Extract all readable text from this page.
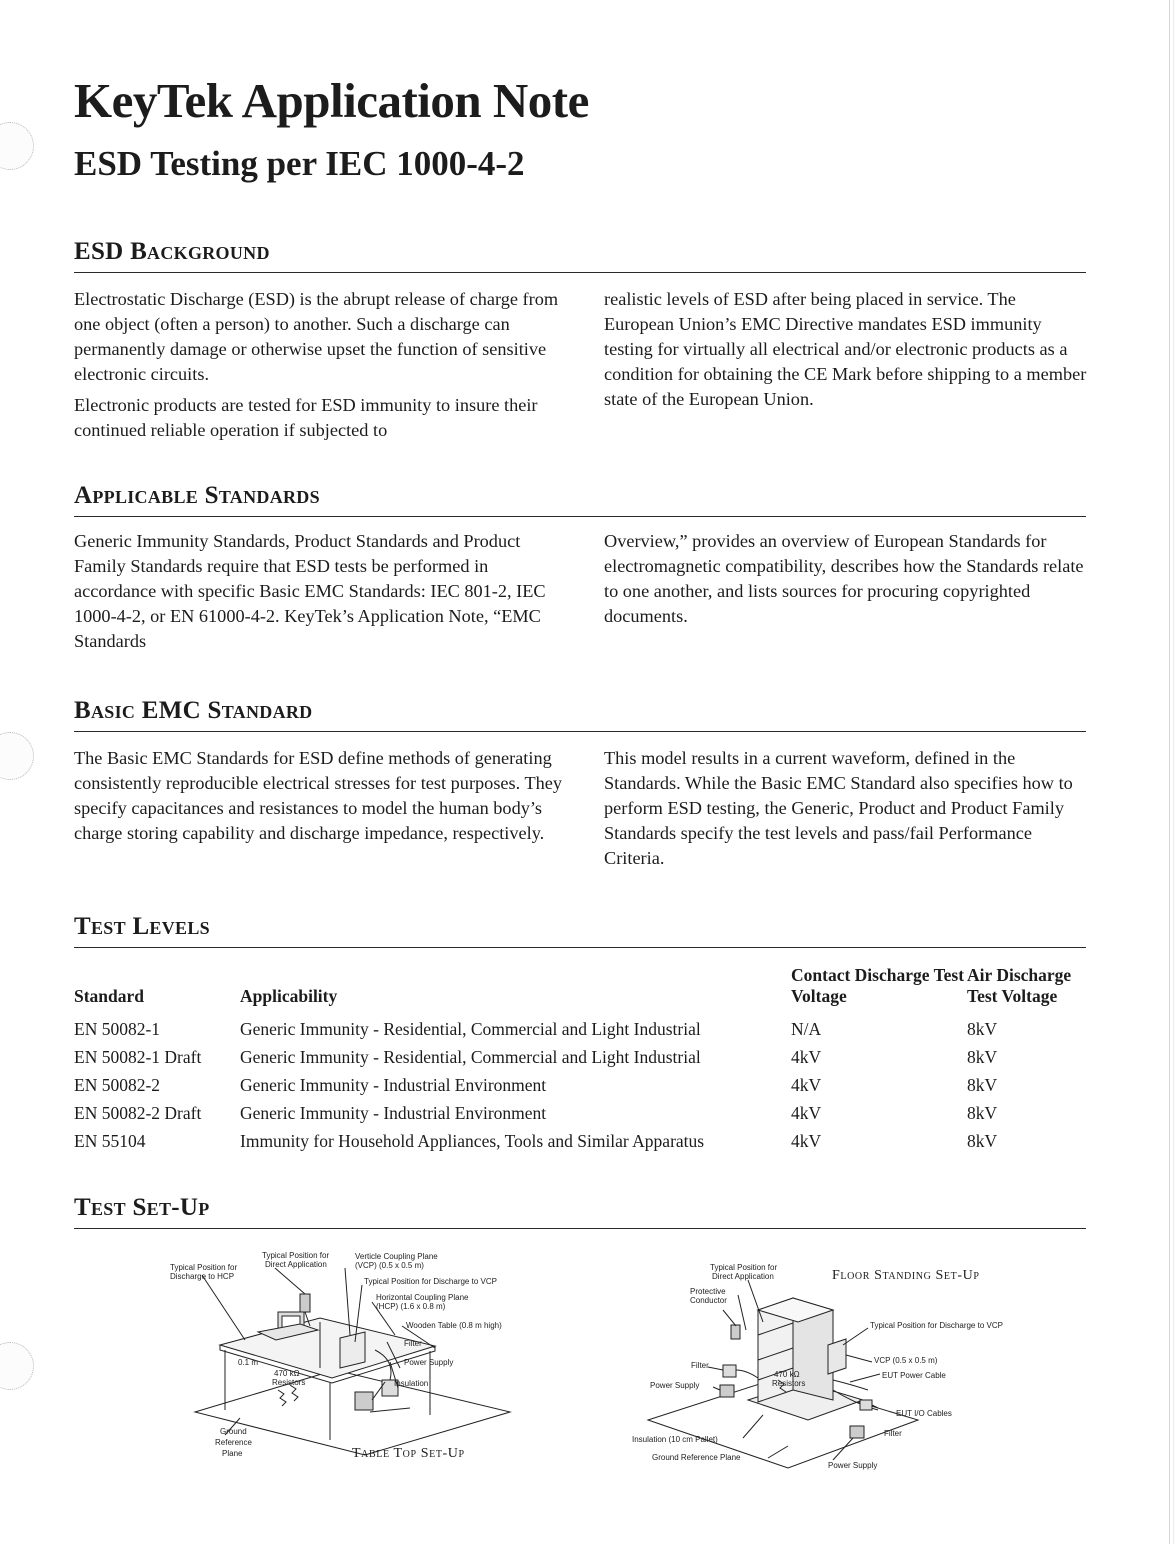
KeyTek Application Note
ESD Testing per IEC 1000-4-2
ESD Background

Electrostatic Discharge (ESD) is the abrupt release of charge from one object (often a person) to another. Such a discharge can permanently damage or otherwise upset the function of sensitive electronic circuits.

Electronic products are tested for ESD immunity to insure their continued reliable operation if subjected to

realistic levels of ESD after being placed in service. The European Union’s EMC Directive mandates ESD immunity testing for virtually all electrical and/or electronic products as a condition for obtaining the CE Mark before shipping to a member state of the European Union.

Applicable Standards

Generic Immunity Standards, Product Standards and Product Family Standards require that ESD tests be performed in accordance with specific Basic EMC Standards: IEC 801-2, IEC 1000-4-2, or EN 61000-4-2. KeyTek’s Application Note, “EMC Standards

Overview,” provides an overview of European Standards for electromagnetic compatibility, describes how the Standards relate to one another, and lists sources for procuring copyrighted documents.

Basic EMC Standard

The Basic EMC Standards for ESD define methods of generating consistently reproducible electrical stresses for test purposes. They specify capacitances and resistances to model the human body’s charge storing capability and discharge impedance, respectively.

This model results in a current waveform, defined in the Standards. While the Basic EMC Standard also specifies how to perform ESD testing, the Generic, Product and Product Family Standards specify the test levels and pass/fail Performance Criteria.

Test Levels
Standard	Applicability	Contact Discharge Test Voltage	Air Discharge Test Voltage
EN 50082-1	Generic Immunity - Residential, Commercial and Light Industrial	N/A	8kV
EN 50082-1 Draft	Generic Immunity - Residential, Commercial and Light Industrial	4kV	8kV
EN 50082-2	Generic Immunity - Industrial Environment	4kV	8kV
EN 50082-2 Draft	Generic Immunity - Industrial Environment	4kV	8kV
EN 55104	Immunity for Household Appliances, Tools and Similar Apparatus	4kV	8kV
Test Set-Up
Typical Position for
Discharge to HCP
Typical Position for
Direct Application
Verticle Coupling Plane
(VCP) (0.5 x 0.5 m)
Typical Position for Discharge to VCP
Horizontal Coupling Plane
(HCP) (1.6 x 0.8 m)
Wooden Table (0.8 m high)
Filter
Power Supply
Insulation
0.1 m
470 kΩ
Resistors
Ground
Reference
Plane	Table Top Set-Up
Typical Position for
Direct Application
Protective
Conductor
Typical Position for Discharge to VCP
Filter
Power Supply
VCP (0.5 x 0.5 m)
EUT Power Cable
EUT I/O Cables
Filter
Insulation (10 cm Pallet)
Ground Reference Plane
Power Supply
470 kΩ
Resistors
Floor Standing Set-Up
